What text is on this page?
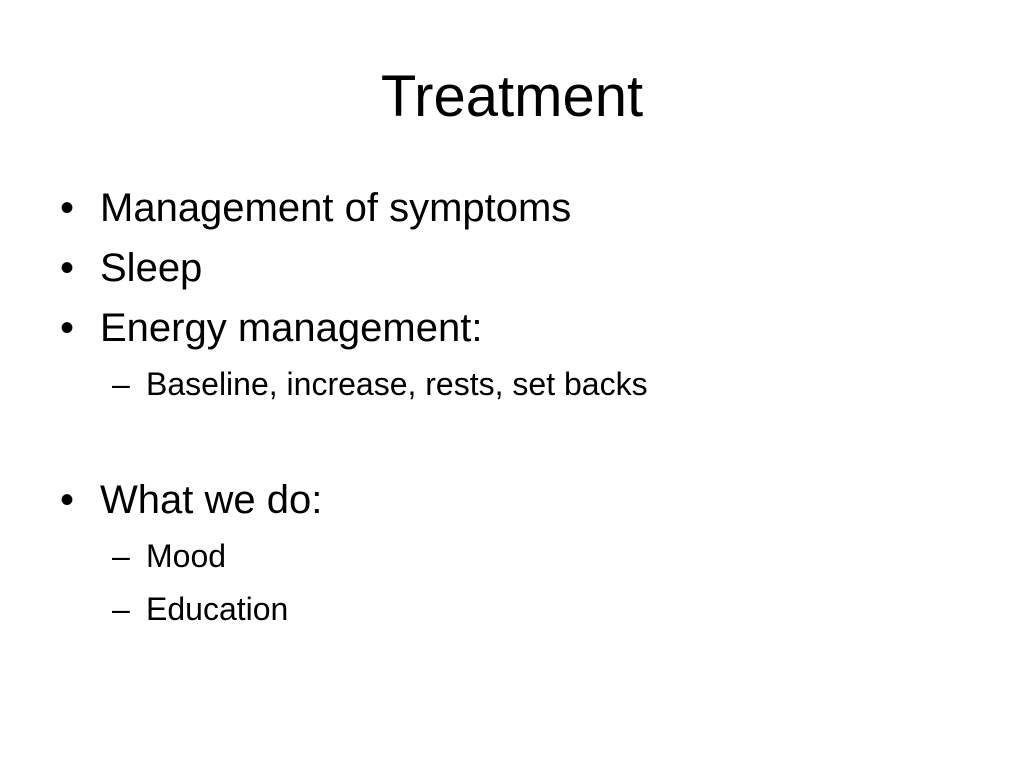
Treatment
• Management of symptoms
• Sleep
• Energy management:
– Baseline, increase, rests, set backs
• What we do:
– Mood
– Education
